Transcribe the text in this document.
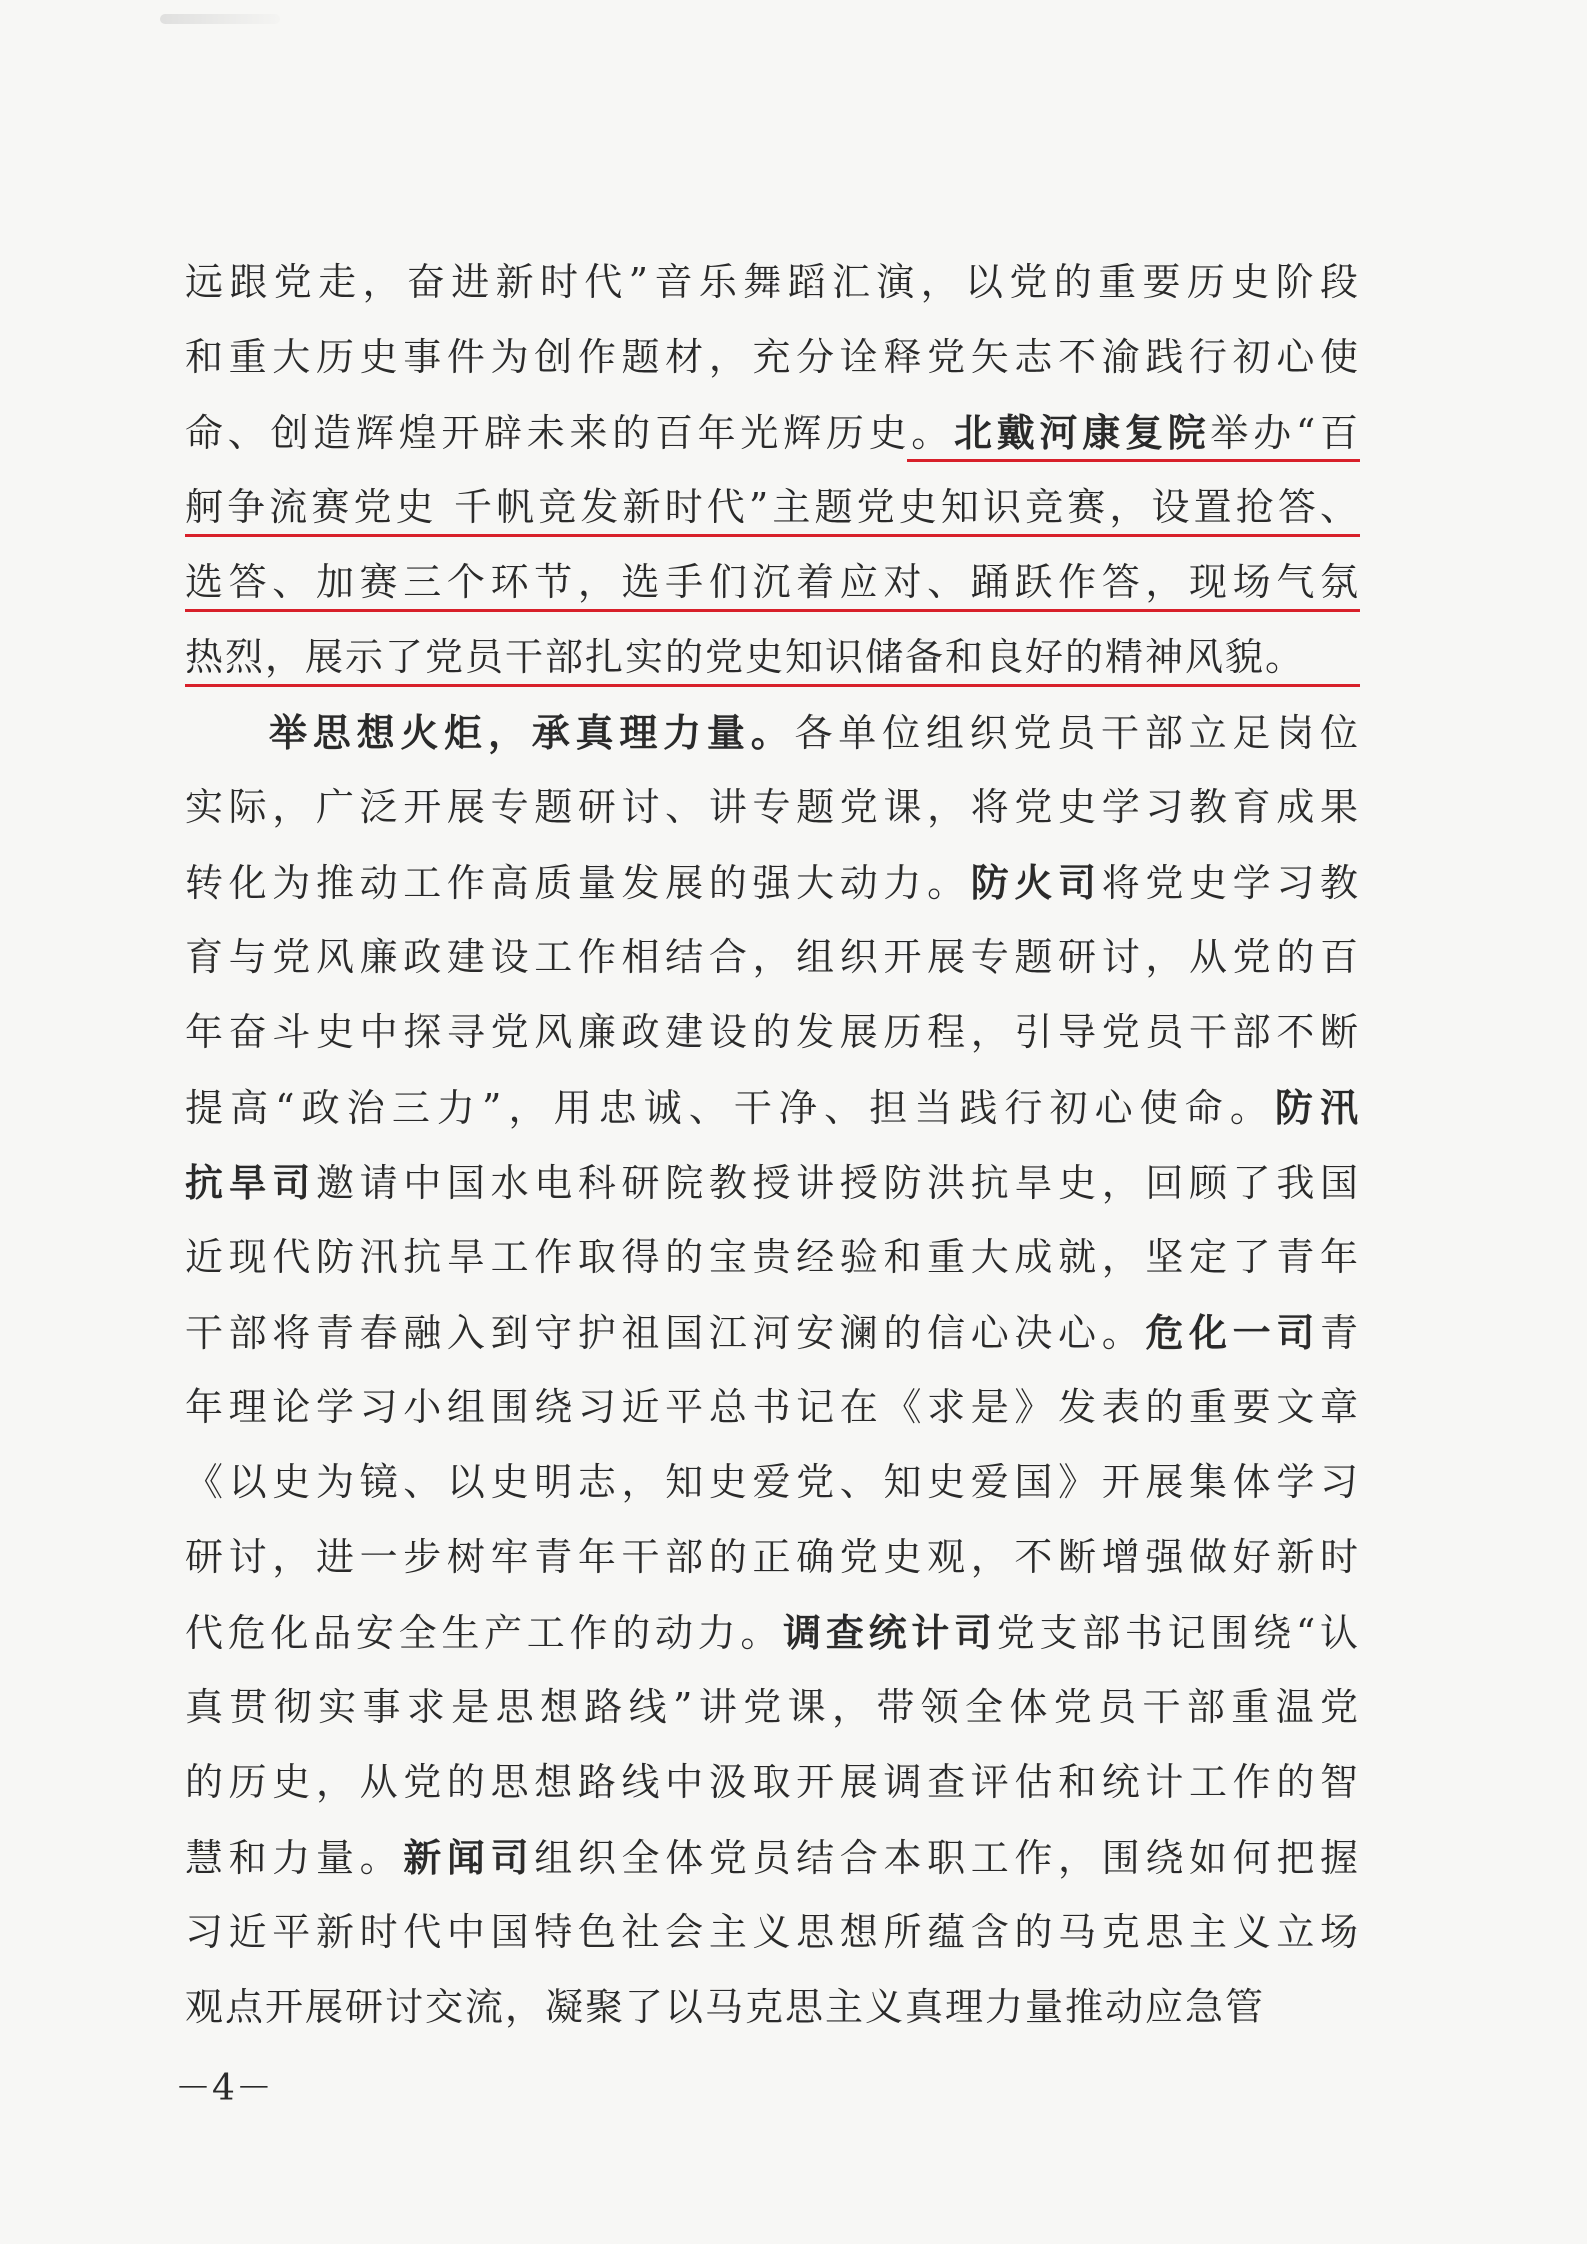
远跟党走，奋进新时代”音乐舞蹈汇演，以党的重要历史阶段
和重大历史事件为创作题材，充分诠释党矢志不渝践行初心使
命、创造辉煌开辟未来的百年光辉历史。北戴河康复院举办“百
舸争流赛党史 千帆竞发新时代”主题党史知识竞赛，设置抢答、
选答、加赛三个环节，选手们沉着应对、踊跃作答，现场气氛
热烈，展示了党员干部扎实的党史知识储备和良好的精神风貌。
举思想火炬，承真理力量。各单位组织党员干部立足岗位
实际，广泛开展专题研讨、讲专题党课，将党史学习教育成果
转化为推动工作高质量发展的强大动力。防火司将党史学习教
育与党风廉政建设工作相结合，组织开展专题研讨，从党的百
年奋斗史中探寻党风廉政建设的发展历程，引导党员干部不断
提高“政治三力”，用忠诚、干净、担当践行初心使命。防汛
抗旱司邀请中国水电科研院教授讲授防洪抗旱史，回顾了我国
近现代防汛抗旱工作取得的宝贵经验和重大成就，坚定了青年
干部将青春融入到守护祖国江河安澜的信心决心。危化一司青
年理论学习小组围绕习近平总书记在《求是》发表的重要文章
《以史为镜、以史明志，知史爱党、知史爱国》开展集体学习
研讨，进一步树牢青年干部的正确党史观，不断增强做好新时
代危化品安全生产工作的动力。调查统计司党支部书记围绕“认
真贯彻实事求是思想路线”讲党课，带领全体党员干部重温党
的历史，从党的思想路线中汲取开展调查评估和统计工作的智
慧和力量。新闻司组织全体党员结合本职工作，围绕如何把握
习近平新时代中国特色社会主义思想所蕴含的马克思主义立场
观点开展研讨交流，凝聚了以马克思主义真理力量推动应急管
－4－
